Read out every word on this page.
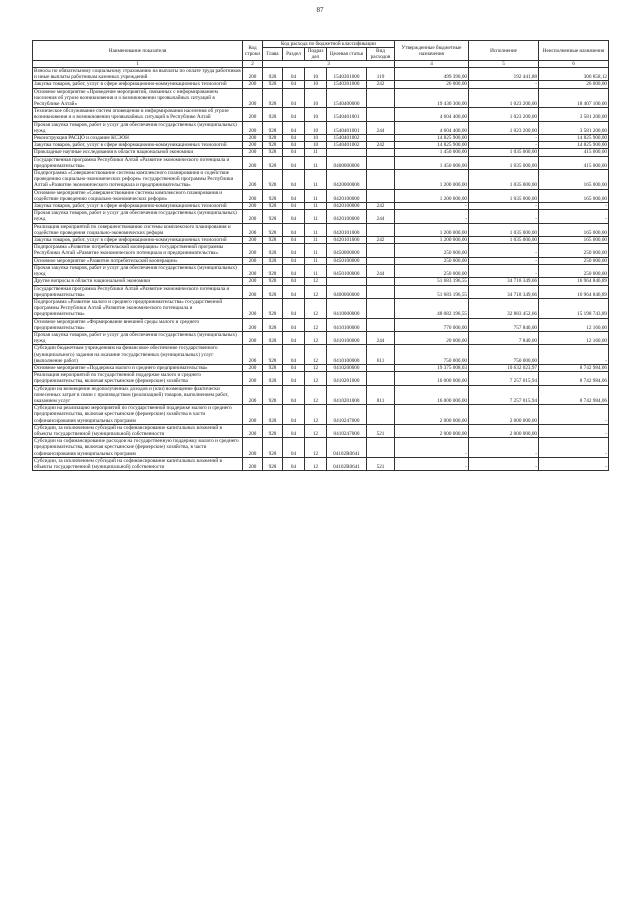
87
Наименование показателя	Код строки	Код расхода по бюджетной классификации					Утвержденные бюджетные назначения	Исполнение	Неисполненные назначения
		Глава	Раздел	Подраз дел	Целевая статья	Вид расходов			
1	2	3					4	5	6
Взносы по обязательному социальному страхованию на выплаты по оплате труда работников и иные выплаты работникам казенных учреждений	200	928	04	10	1540301000	119	499 390,00	192 441,88	306 858,12
Закупка товаров, работ, услуг в сфере информационно-коммуникационных технологий	200	928	04	10	1540301000	242	26 000,00	-	26 000,00
Основное мероприятие «Проведение мероприятий, связанных с информированием населения об угрозе возникновения и о возникновении чрезвычайных ситуаций в Республике Алтай»	200	928	04	10	1540400000		19 430 300,00	1 023 200,00	18 407 100,00
Техническое обслуживание систем оповещения и информирования населения об угрозе возникновения и о возникновении чрезвычайных ситуаций в Республике Алтай	200	928	04	10	1540401001		4 604 400,00	1 023 200,00	3 581 200,00
Прочая закупка товаров, работ и услуг для обеспечения государственных (муниципальных) нужд	200	928	04	10	1540401001	244	4 604 400,00	1 023 200,00	3 581 200,00
Реконструкция РАСЦО и создание КСЭОН	200	928	04	10	1540401002		14 825 900,00	-	14 825 900,00
Закупка товаров, работ, услуг в сфере информационно-коммуникационных технологий	200	928	04	10	1540401002	242	14 825 900,00	-	14 825 900,00
Прикладные научные исследования в области национальной экономики	200	928	04	11			1 450 000,00	1 035 000,00	415 000,00
Государственная программа Республики Алтай «Развитие экономического потенциала и предпринимательства»	200	928	04	11	0400000000		1 450 000,00	1 035 000,00	415 000,00
Подпрограмма «Совершенствование системы комплексного планирования и содействие проведению социально-экономических реформ» государственной программы Республики Алтай «Развитие экономического потенциала и предпринимательства»	200	928	04	11	0420000000		1 200 000,00	1 035 000,00	165 000,00
Основное мероприятие «Совершенствование системы комплексного планирования и содействие проведению социально-экономических реформ»	200	928	04	11	0420100000		1 200 000,00	1 035 000,00	165 000,00
Закупка товаров, работ, услуг в сфере информационно-коммуникационных технологий	200	928	04	11	0420100000	242	-	-	-
Прочая закупка товаров, работ и услуг для обеспечения государственных (муниципальных) нужд	200	928	04	11	0420100000	244	-	-	-
Реализация мероприятий по совершенствованию системы комплексного планирования и содействие проведения социально-экономических реформ	200	928	04	11	0420101000		1 200 000,00	1 035 000,00	165 000,00
Закупка товаров, работ, услуг в сфере информационно-коммуникационных технологий	200	928	04	11	0420101000	242	1 200 000,00	1 035 000,00	165 000,00
Подпрограмма «Развитие потребительской кооперации» государственной программы Республики Алтай «Развитие экономического потенциала и предпринимательства»	200	928	04	11	0450000000		250 000,00	-	250 000,00
Основное мероприятие «Развитие потребительской кооперации»	200	928	04	11	0450100000		250 000,00	-	250 000,00
Прочая закупка товаров, работ и услуг для обеспечения государственных (муниципальных) нужд	200	928	04	11	0450100000	244	250 000,00	-	250 000,00
Другие вопросы в области национальной экономики	200	928	04	12			51 683 196,55	34 718 349,66	16 964 846,89
Государственная программа Республики Алтай «Развитие экономического потенциала и предпринимательства»	200	928	04	12	0400000000		51 683 196,55	34 718 349,66	16 964 846,89
Подпрограмма «Развитие малого и среднего предпринимательства» государственной программы Республики Алтай «Развитие экономического потенциала и предпринимательства»	200	928	04	12	0410000000		48 082 196,55	32 883 452,66	15 198 743,89
Основное мероприятие «Формирование внешней среды малого и среднего предпринимательства»	200	928	04	12	0410100000		770 000,00	757 840,00	12 160,00
Прочая закупка товаров, работ и услуг для обеспечения государственных (муниципальных) нужд	200	928	04	12	0410100000	244	20 000,00	7 840,00	12 160,00
Субсидии бюджетным учреждениям на финансовое обеспечение государственного (муниципального) задания на оказание государственных (муниципальных) услуг (выполнение работ)	200	928	04	12	0410100000	611	750 000,00	750 000,00	-
Основное мероприятие «Поддержка малого и среднего предпринимательства»	200	928	04	12	0410200000		19 375 008,03	10 632 023,97	8 742 984,06
Реализация мероприятий по государственной поддержке малого и среднего предпринимательства, включая крестьянские (фермерские) хозяйства	200	928	04	12	0410201000		16 000 000,00	7 257 015,94	8 742 984,06
Субсидии на возмещение недополученных доходов и (или) возмещение фактически понесенных затрат в связи с производством (реализацией) товаров, выполнением работ, оказанием услуг	200	928	04	12	0410201000	811	16 000 000,00	7 257 015,94	8 742 984,06
Субсидии на реализацию мероприятий по государственной поддержке малого и среднего предпринимательства, включая крестьянские (фермерские) хозяйства в части софинансирования муниципальных программ	200	928	04	12	0410247000		2 000 000,00	2 000 000,00	-
Субсидии, за исключением субсидий на софинансирование капитальных вложений в объекты государственной (муниципальной) собственности	200	928	04	12	0410247000	521	2 000 000,00	2 000 000,00	-
Субсидии на софинансирование расходов на государственную поддержку малого и среднего предпринимательства, включая крестьянские (фермерские) хозяйства, в части софинансирования муниципальных программ	200	928	04	12	04102R0641		-	-	-
Субсидии, за исключением субсидий на софинансирование капитальных вложений в объекты государственной (муниципальной) собственности	200	928	04	12	04102R0641	521	-	-	-
